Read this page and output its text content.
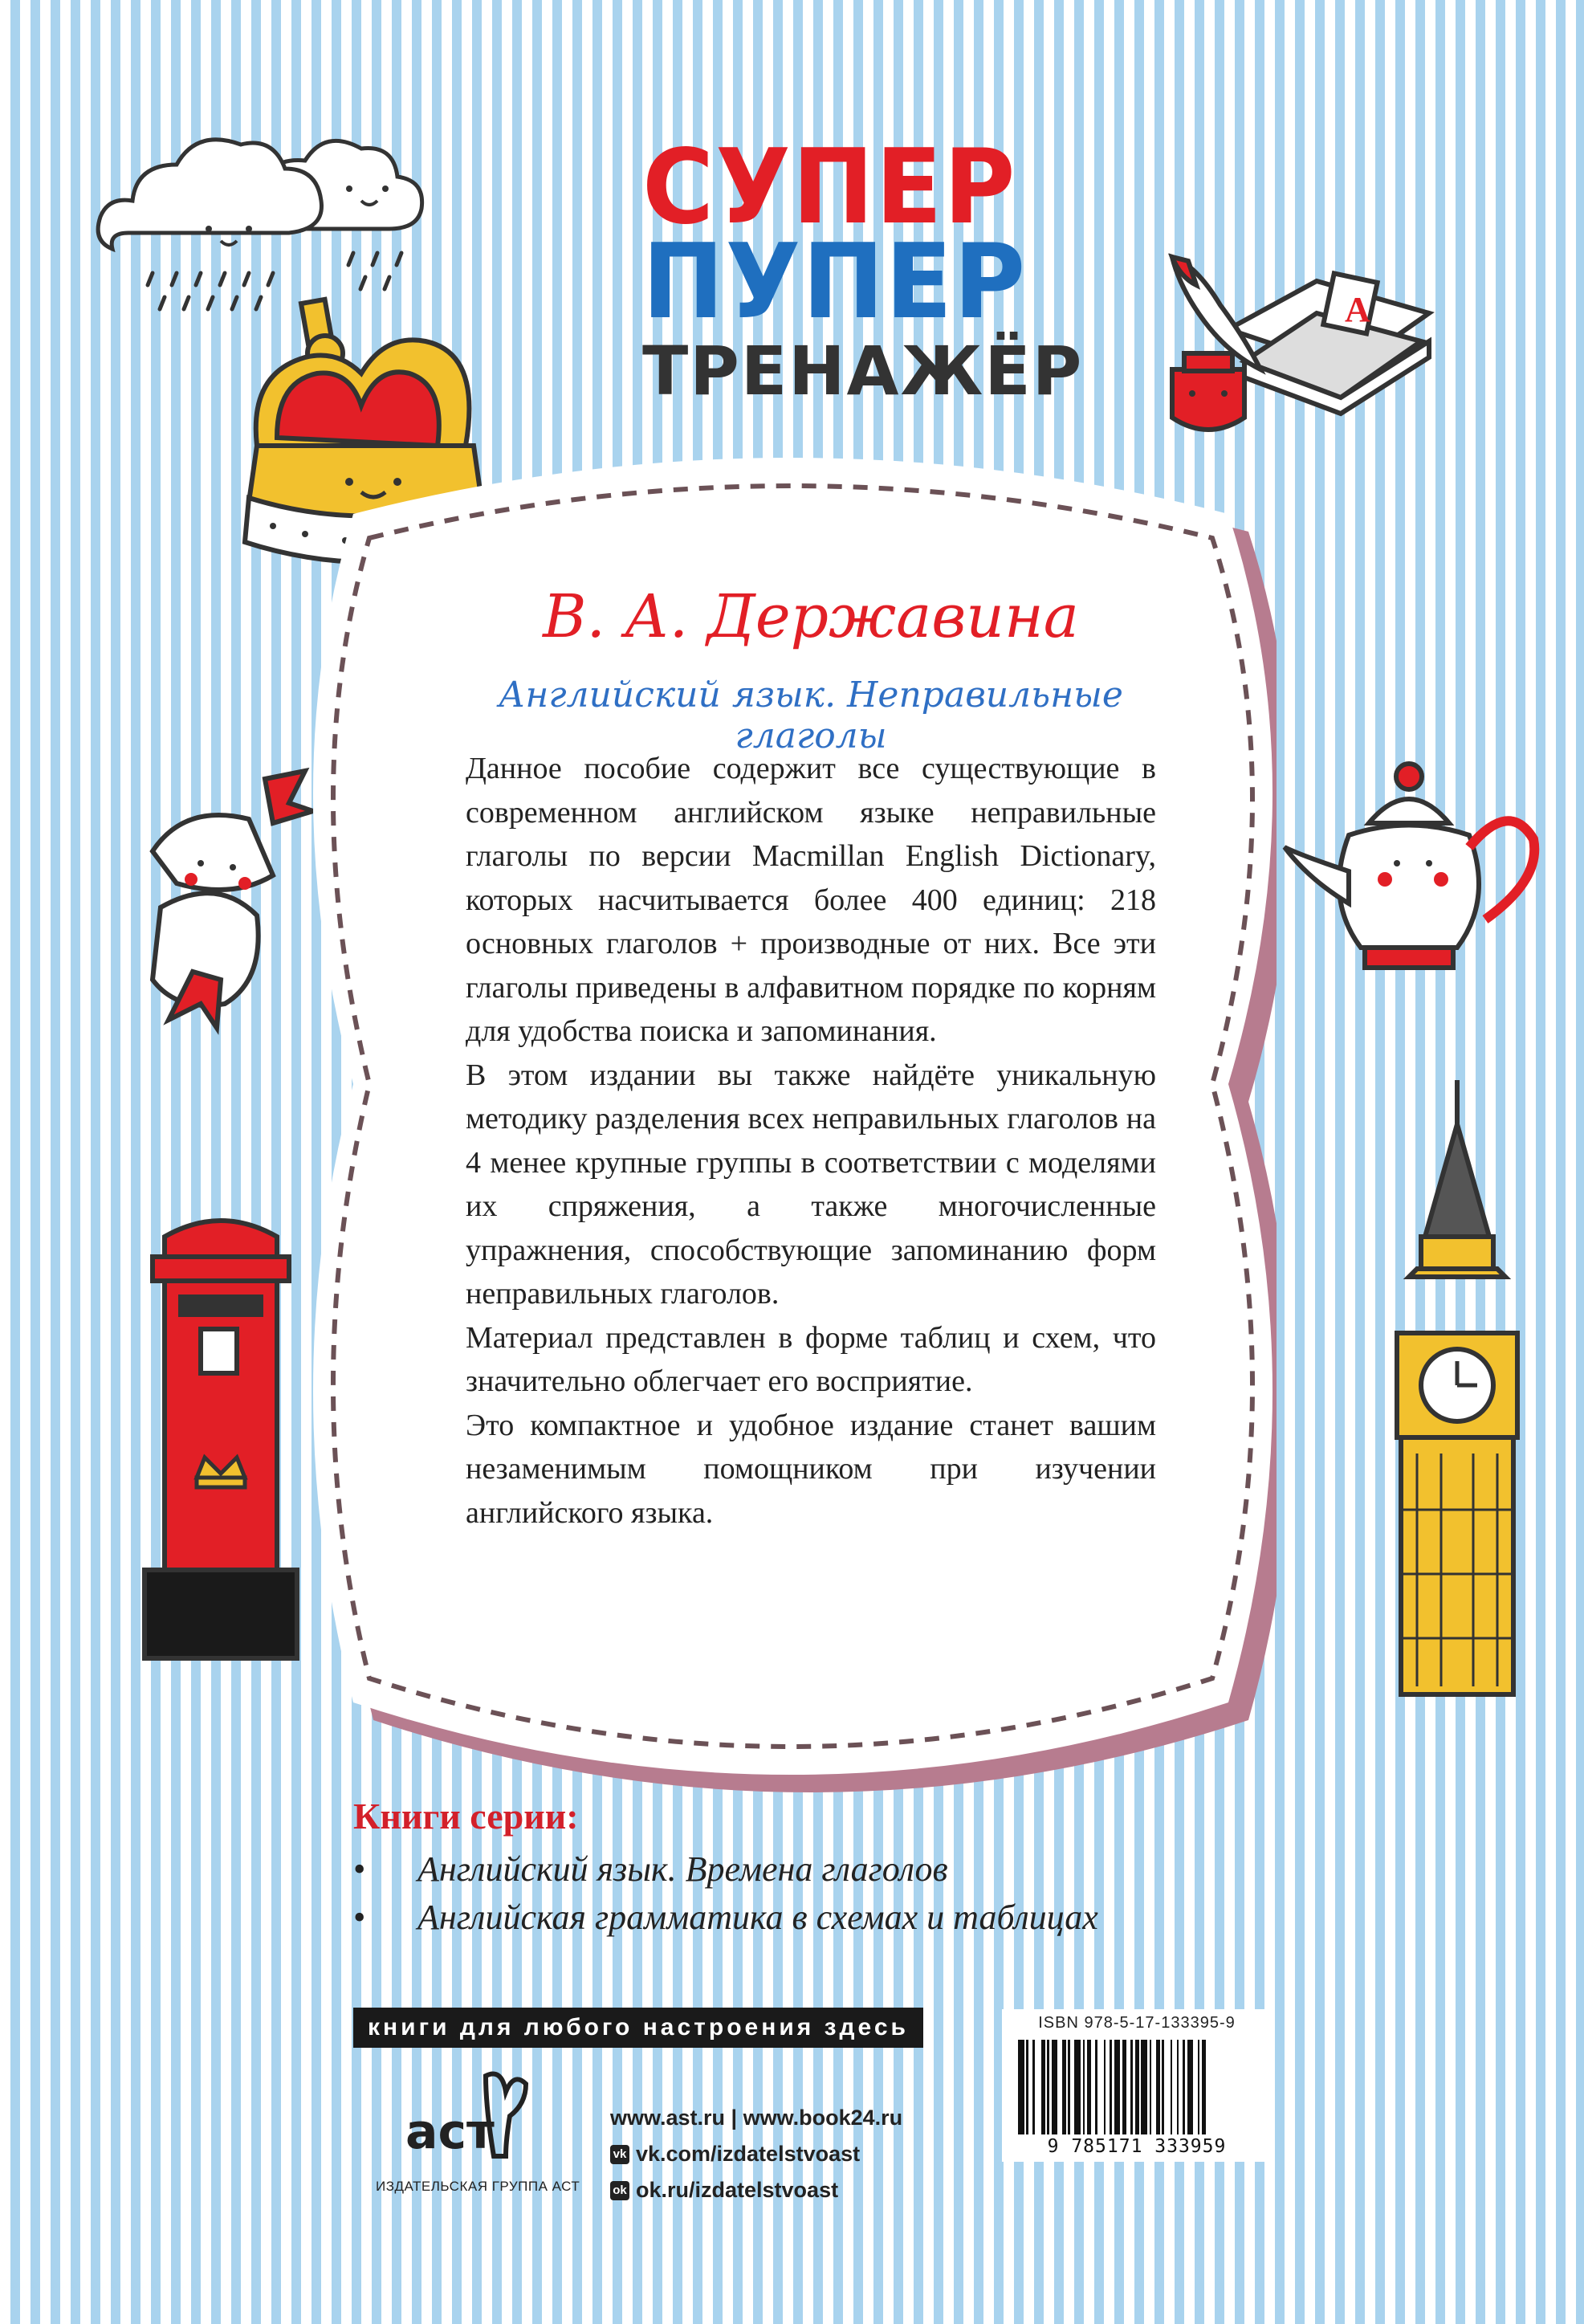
СУПЕР
ПУПЕР
ТРЕНАЖЁР
A
В. А. Державина
Английский язык. Неправильные глаголы

Данное пособие содержит все существующие в современном английском языке неправильные глаголы по версии Macmillan English Dictionary, которых насчитывается более 400 единиц: 218 основных глаголов + производные от них. Все эти глаголы приведены в алфавитном порядке по корням для удобства поиска и запоминания.

В этом издании вы также найдёте уникальную методику разделения всех неправильных глаголов на 4 менее крупные группы в соответствии с моделями их спряжения, а также многочисленные упражнения, способствующие запоминанию форм неправильных глаголов.

Материал представлен в форме таблиц и схем, что значительно облегчает его восприятие.

Это компактное и удобное издание станет вашим незаменимым помощником при изучении английского языка.

Книги серии:
• Английский язык. Времена глаголов
• Английская грамматика в схемах и таблицах
книги для любого настроения здесь
аст
ИЗДАТЕЛЬСКАЯ ГРУППА АСТ
www.ast.ru | www.book24.ru
vk vk.com/izdatelstvoast
ok ok.ru/izdatelstvoast
ISBN 978-5-17-133395-9
9 785171 333959
